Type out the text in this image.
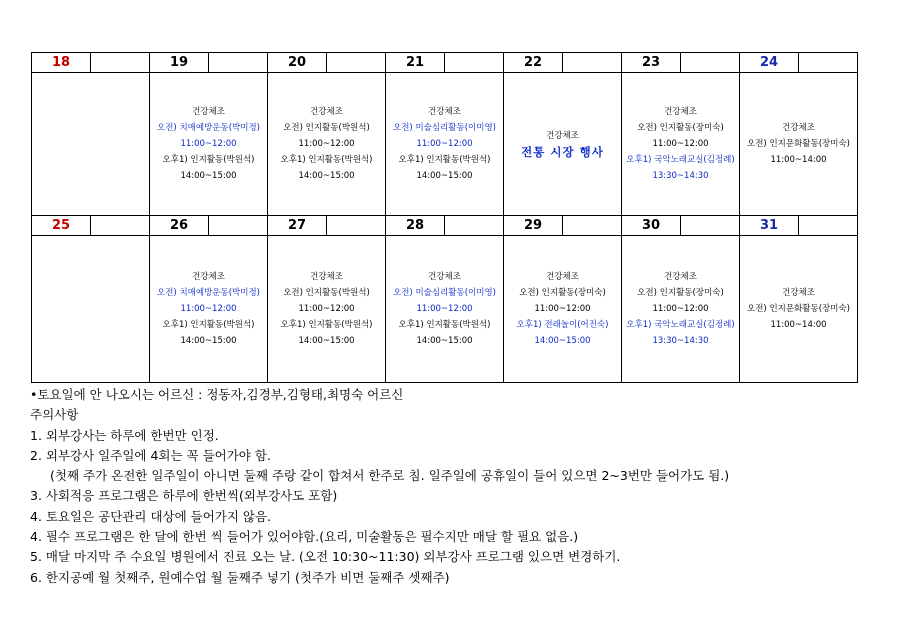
18		19		20		21		22		23		24	

		건강체조
오전) 치매예방운동(박미정)
11:00~12:00
오후1) 인지활동(박원석)
14:00~15:00		건강체조
오전) 인지활동(박원석)
11:00~12:00
오후1) 인지활동(박원석)
14:00~15:00		건강체조
오전) 미술심리활동(이미영)
11:00~12:00
오후1) 인지활동(박원석)
14:00~15:00		건강체조
전통 시장 행사		건강체조
오전) 인지활동(장미숙)
11:00~12:00
오후1) 국악노래교실(김정례)
13:30~14:30		건강체조
오전) 인지문화활동(장미숙)
11:00~14:00	

25		26		27		28		29		30		31	

		건강체조
오전) 치매예방운동(박미정)
11:00~12:00
오후1) 인지활동(박원석)
14:00~15:00		건강체조
오전) 인지활동(박원석)
11:00~12:00
오후1) 인지활동(박원석)
14:00~15:00		건강체조
오전) 미술심리활동(이미영)
11:00~12:00
오후1) 인지활동(박원석)
14:00~15:00		건강체조
오전) 인지활동(장미숙)
11:00~12:00
오후1) 전래놀이(어진숙)
14:00~15:00		건강체조
오전) 인지활동(장미숙)
11:00~12:00
오후1) 국악노래교실(김정례)
13:30~14:30		건강체조
오전) 인지문화활동(장미숙)
11:00~14:00	
•토요일에 안 나오시는 어르신 : 정동자,김경부,김형태,최명숙 어르신
주의사항
1. 외부강사는 하루에 한번만 인정.
2. 외부강사 일주일에 4회는 꼭 들어가야 함.
(첫째 주가 온전한 일주일이 아니면 둘째 주랑 같이 합쳐서 한주로 침. 일주일에 공휴일이 들어 있으면 2~3번만 들어가도 됨.)
3. 사회적응 프로그램은 하루에 한번씩(외부강사도 포함)
4. 토요일은 공단관리 대상에 들어가지 않음.
4. 필수 프로그램은 한 달에 한번 씩 들어가 있어야함.(요리, 미술활동은 필수지만 매달 할 필요 없음.)
5. 매달 마지막 주 수요일 병원에서 진료 오는 날. (오전 10:30~11:30) 외부강사 프로그램 있으면 변경하기.
6. 한지공예 월 첫째주, 원예수업 월 둘째주 넣기 (첫주가 비면 둘째주 셋째주)
